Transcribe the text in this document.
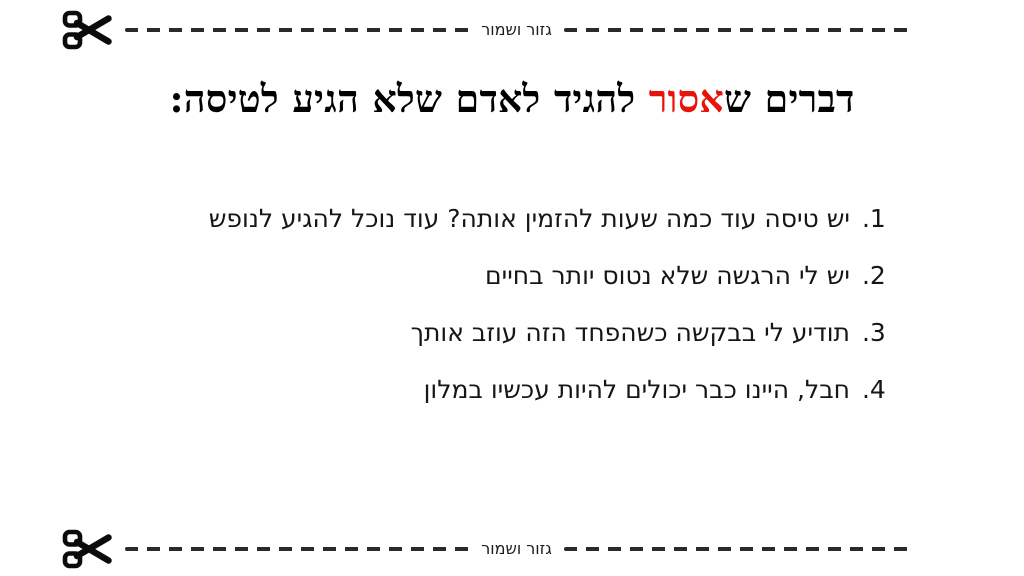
גזור ושמור
דברים שאסור להגיד לאדם שלא הגיע לטיסה:
1. יש טיסה עוד כמה שעות להזמין אותה? עוד נוכל להגיע לנופש
2. יש לי הרגשה שלא נטוס יותר בחיים
3. תודיע לי בבקשה כשהפחד הזה עוזב אותך
4. חבל, היינו כבר יכולים להיות עכשיו במלון
גזור ושמור
